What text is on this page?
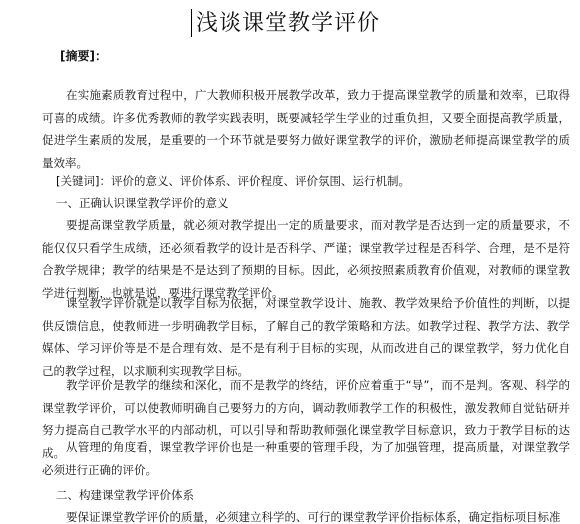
浅谈课堂教学评价
[摘要]：

在实施素质教育过程中，广大教师积极开展教学改革，致力于提高课堂教学的质量和效率，已取得可喜的成绩。许多优秀教师的教学实践表明，既要减轻学生学业的过重负担，又要全面提高教学质量，促进学生素质的发展，是重要的一个环节就是要努力做好课堂教学的评价，激励老师提高课堂教学的质量效率。

[关键词]：评价的意义、评价体系、评价程度、评价氛围、运行机制。

一、正确认识课堂教学评价的意义

要提高课堂教学质量，就必须对教学提出一定的质量要求，而对教学是否达到一定的质量要求，不能仅仅只看学生成绩，还必须看教学的设计是否科学、严谨；课堂教学过程是否科学、合理，是不是符合教学规律；教学的结果是不是达到了预期的目标。因此，必须按照素质教育价值观，对教师的课堂教学进行判断，也就是说，要进行课堂教学评价。

课堂教学评价就是以教学目标为依据，对课堂教学设计、施教、教学效果给予价值性的判断，以提供反馈信息，使教师进一步明确教学目标，了解自己的教学策略和方法。如教学过程、教学方法、教学媒体、学习评价等是不是合理有效、是不是有利于目标的实现，从而改进自己的课堂教学，努力优化自己的教学过程，以求顺利实现教学目标。

教学评价是教学的继续和深化，而不是教学的终结，评价应着重于“导”，而不是判。客观、科学的课堂教学评价，可以使教师明确自己要努力的方向，调动教师教学工作的积极性，激发教师自觉钻研并努力提高自己教学水平的内部动机，可以引导和帮助教师强化课堂教学目标意识，致力于教学目标的达成。 从管理的角度看，课堂教学评价也是一种重要的管理手段，为了加强管理，提高质量，对课堂教学必须进行正确的评价。

二、构建课堂教学评价体系

要保证课堂教学评价的质量，必须建立科学的、可行的课堂教学评价指标体系，确定指标项目标准
